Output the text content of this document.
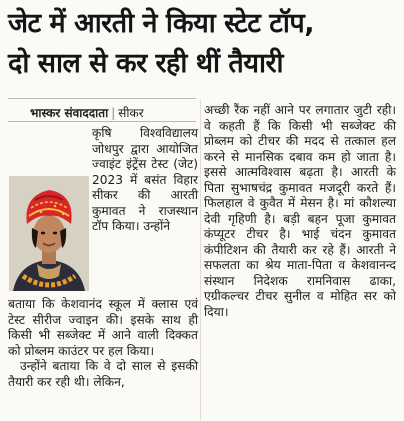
जेट में आरती ने किया स्टेट टॉप,
दो साल से कर रही थीं तैयारी
भास्कर संवाददाता | सीकर

कृषि विश्वविद्यालय जोधपुर द्वारा आयोजित ज्वाइंट इंट्रेंस टेस्ट (जेट) 2023 में बसंत विहार सीकर की आरती कुमावत ने राजस्थान टॉप किया। उन्होंने

बताया कि केशवानंद स्कूल में क्लास एवं टेस्ट सीरीज ज्वाइन की। इसके साथ ही किसी भी सब्जेक्ट में आने वाली दिक्कत को प्रोब्लम काउंटर पर हल किया।

उन्होंने बताया कि वे दो साल से इसकी तैयारी कर रही थी। लेकिन,

अच्छी रैंक नहीं आने पर लगातार जुटी रही। वे कहती हैं कि किसी भी सब्जेक्ट की प्रोब्लम को टीचर की मदद से तत्काल हल करने से मानसिक दबाव कम हो जाता है। इससे आत्मविश्वास बढ़ता है। आरती के पिता सुभाषचंद्र कुमावत मजदूरी करते हैं। फिलहाल वे कुवैत में मेसन है। मां कौशल्या देवी गृहिणी है। बड़ी बहन पूजा कुमावत कंप्यूटर टीचर है। भाई चंदन कुमावत कंपीटिशन की तैयारी कर रहे हैं। आरती ने सफलता का श्रेय माता-पिता व केशवानन्द संस्थान निदेशक रामनिवास ढाका, एग्रीकल्चर टीचर सुनील व मोहित सर को दिया।
